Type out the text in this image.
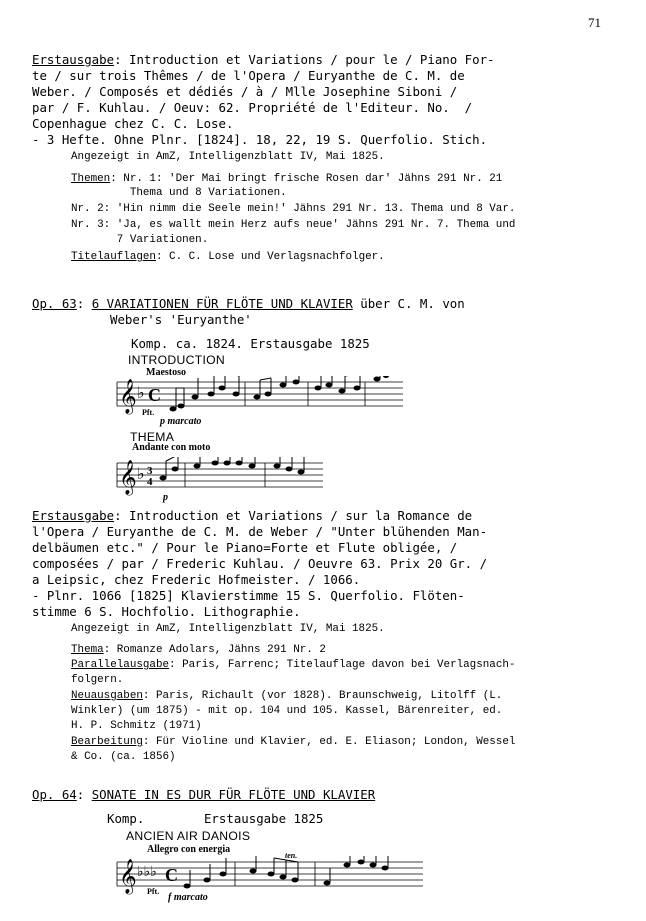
71
Erstausgabe: Introduction et Variations / pour le / Piano For-
te / sur trois Thêmes / de l'Opera / Euryanthe de C. M. de
Weber. / Composés et dédiés / à / Mlle Josephine Siboni /
par / F. Kuhlau. / Oeuv: 62. Propriété de l'Editeur. No.  /
Copenhague chez C. C. Lose.
- 3 Hefte. Ohne Plnr. [1824]. 18, 22, 19 S. Querfolio. Stich.
Angezeigt in AmZ, Intelligenzblatt IV, Mai 1825.
Themen: Nr. 1: 'Der Mai bringt frische Rosen dar' Jähns 291 Nr. 21
Thema und 8 Variationen.
Nr. 2: 'Hin nimm die Seele mein!' Jähns 291 Nr. 13. Thema und 8 Var.
Nr. 3: 'Ja, es wallt mein Herz aufs neue' Jähns 291 Nr. 7. Thema und
7 Variationen.
Titelauflagen: C. C. Lose und Verlagsnachfolger.
Op. 63: 6 VARIATIONEN FÜR FLÖTE UND KLAVIER über C. M. von
Weber's 'Euryanthe'
Komp. ca. 1824. Erstausgabe 1825
INTRODUCTION
Maestoso
𝄞 ♭ C
Pft.
p marcato
THEMA
Andante con moto
𝄞 ♭ 3
4
p
Erstausgabe: Introduction et Variations / sur la Romance de
l'Opera / Euryanthe de C. M. de Weber / "Unter blühenden Man-
delbäumen etc." / Pour le Piano=Forte et Flute obligée, /
composées / par / Frederic Kuhlau. / Oeuvre 63. Prix 20 Gr. /
a Leipsic, chez Frederic Hofmeister. / 1066.
- Plnr. 1066 [1825] Klavierstimme 15 S. Querfolio. Flöten-
stimme 6 S. Hochfolio. Lithographie.
Angezeigt in AmZ, Intelligenzblatt IV, Mai 1825.
Thema: Romanze Adolars, Jähns 291 Nr. 2
Parallelausgabe: Paris, Farrenc; Titelauflage davon bei Verlagsnach-
folgern.
Neuausgaben: Paris, Richault (vor 1828). Braunschweig, Litolff (L.
Winkler) (um 1875) - mit op. 104 und 105. Kassel, Bärenreiter, ed.
H. P. Schmitz (1971)
Bearbeitung: Für Violine und Klavier, ed. E. Eliason; London, Wessel
& Co. (ca. 1856)
Op. 64: SONATE IN ES DUR FÜR FLÖTE UND KLAVIER
Komp.        Erstausgabe 1825
ANCIEN AIR DANOIS
Allegro con energia
ten.
𝄞 ♭♭♭ C
Pft.
f marcato
